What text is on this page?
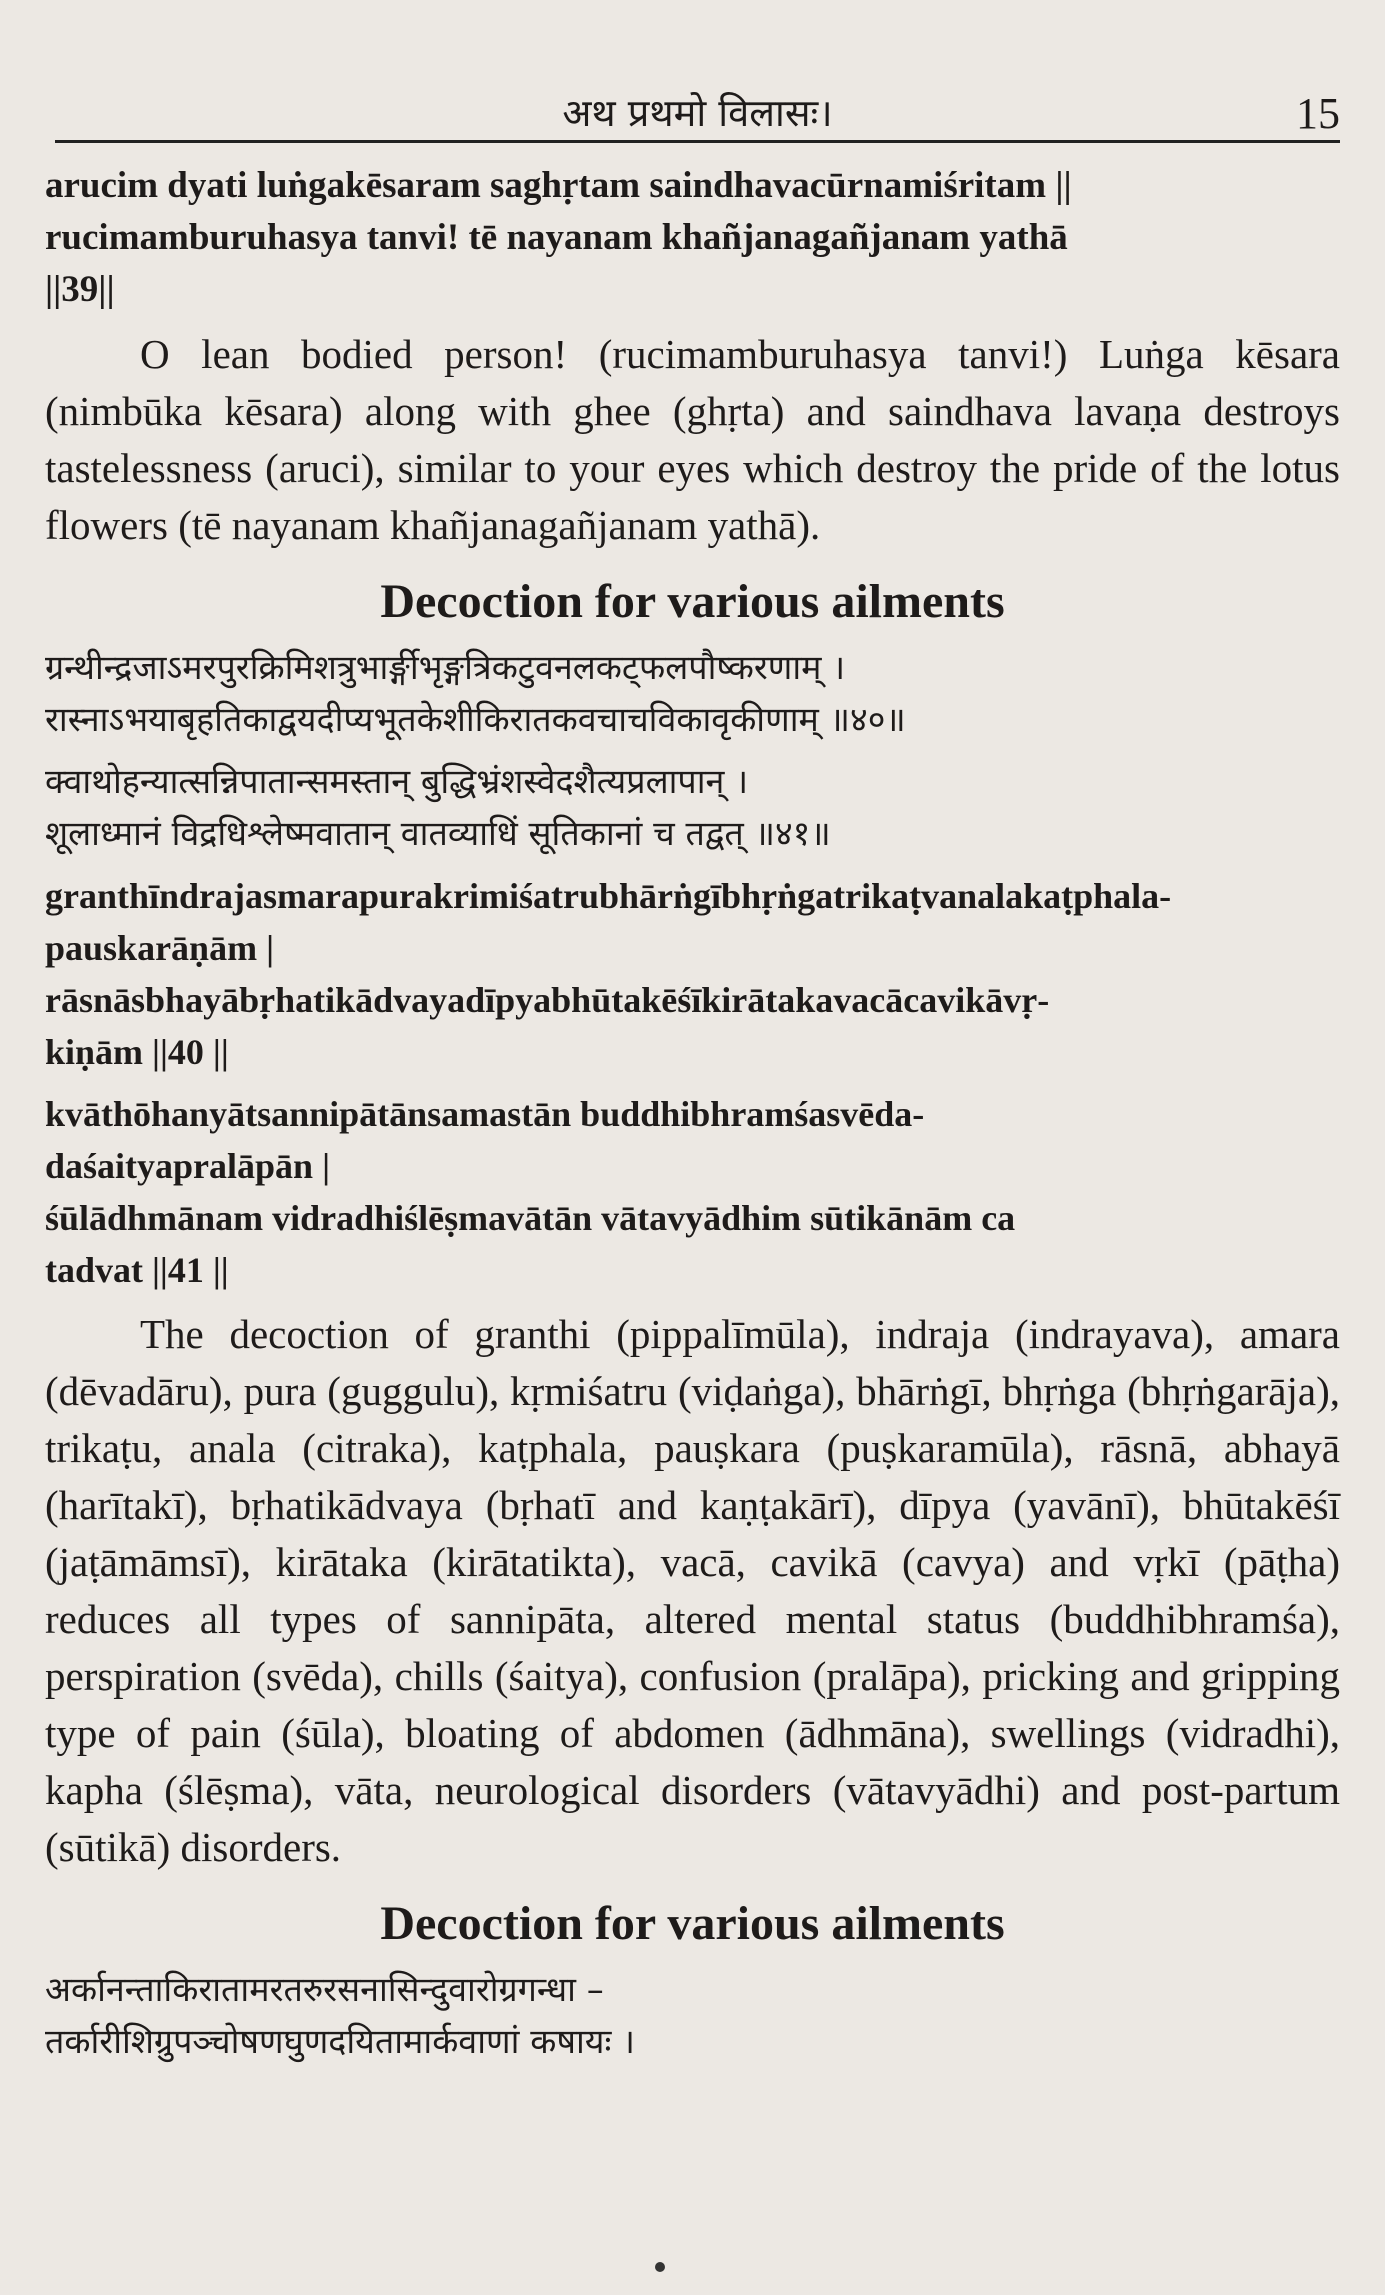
अथ प्रथमो विलासः।	15

arucim dyati luṅgakēsaram saghṛtam saindhavacūrnamiśritam ||

rucimamburuhasya tanvi! tē nayanam khañjanagañjanam yathā

||39||

O lean bodied person! (rucimamburuhasya tanvi!) Luṅga kēsara (nimbūka kēsara) along with ghee (ghṛta) and saindhava lavaṇa destroys tastelessness (aruci), similar to your eyes which destroy the pride of the lotus flowers (tē nayanam khañjanagañjanam yathā).

Decoction for various ailments

ग्रन्थीन्द्रजाऽमरपुरक्रिमिशत्रुभार्ङ्गीभृङ्गत्रिकटुवनलकट्फलपौष्करणाम् ।

रास्नाऽभयाबृहतिकाद्वयदीप्यभूतकेशीकिरातकवचाचविकावृकीणाम् ॥४०॥

क्वाथोहन्यात्सन्निपातान्समस्तान् बुद्धिभ्रंशस्वेदशैत्यप्रलापान् ।

शूलाध्मानं विद्रधिश्लेष्मवातान् वातव्याधिं सूतिकानां च तद्वत् ॥४१॥

granthīndrajasmarapurakrimiśatrubhārṅgībhṛṅgatrikaṭvanalakaṭphala-

pauskarāṇām |

rāsnāsbhayābṛhatikādvayadīpyabhūtakēśīkirātakavacācavikāvṛ-

kiṇām ||40 ||

kvāthōhanyātsannipātānsamastān buddhibhramśasvēda-

daśaityapralāpān |

śūlādhmānam vidradhiślēṣmavātān vātavyādhim sūtikānām ca

tadvat ||41 ||

The decoction of granthi (pippalīmūla), indraja (indrayava), amara (dēvadāru), pura (guggulu), kṛmiśatru (viḍaṅga), bhārṅgī, bhṛṅga (bhṛṅgarāja), trikaṭu, anala (citraka), kaṭphala, pauṣkara (puṣkaramūla), rāsnā, abhayā (harītakī), bṛhatikādvaya (bṛhatī and kaṇṭakārī), dīpya (yavānī), bhūtakēśī (jaṭāmāmsī), kirātaka (kirātatikta), vacā, cavikā (cavya) and vṛkī (pāṭha) reduces all types of sannipāta, altered mental status (buddhibhramśa), perspiration (svēda), chills (śaitya), confusion (pralāpa), pricking and gripping type of pain (śūla), bloating of abdomen (ādhmāna), swellings (vidradhi), kapha (ślēṣma), vāta, neurological disorders (vātavyādhi) and post-partum (sūtikā) disorders.

Decoction for various ailments

अर्कानन्ताकिरातामरतरुरसनासिन्दुवारोग्रगन्धा –

तर्कारीशिग्रुपञ्चोषणघुणदयितामार्कवाणां कषायः ।
